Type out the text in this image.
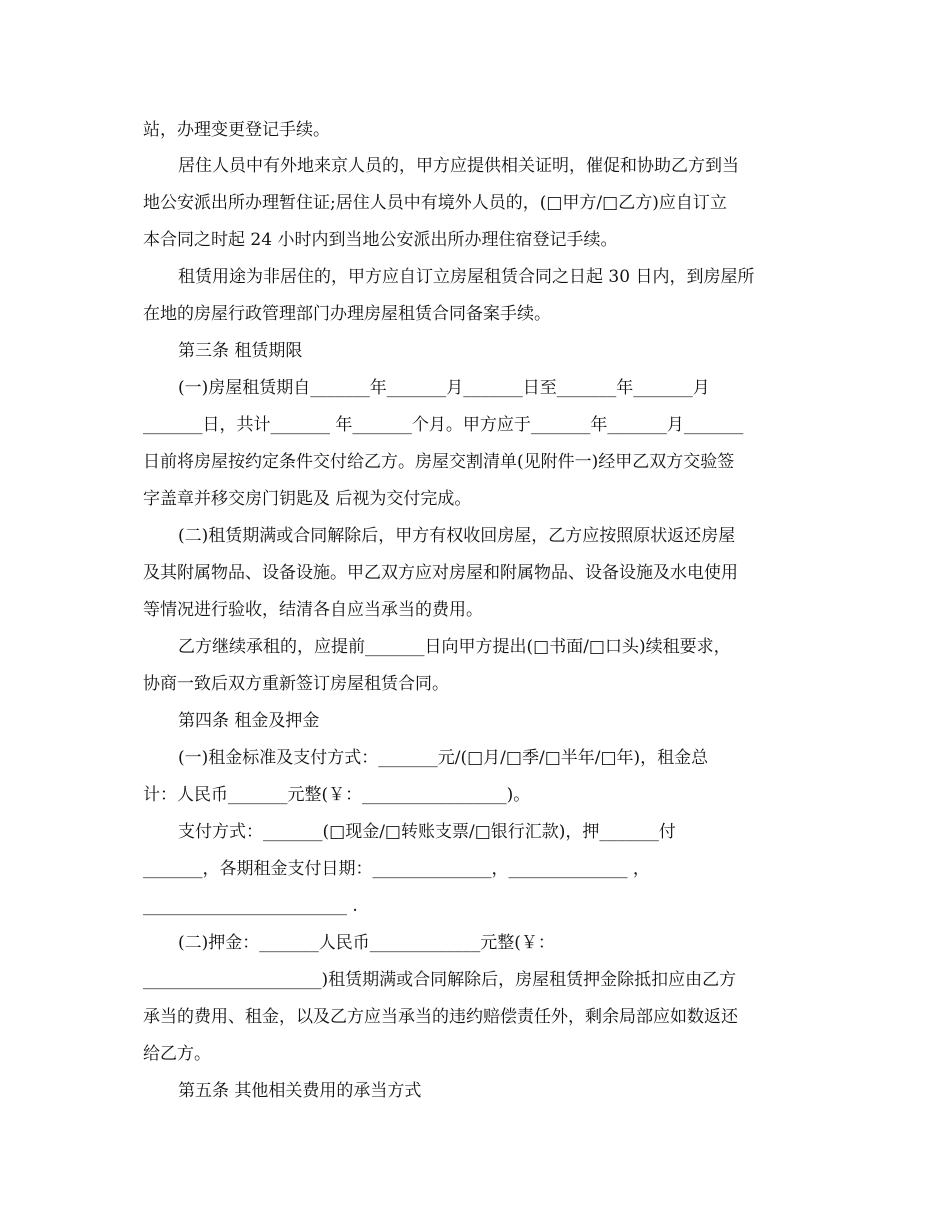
站，办理变更登记手续。
居住人员中有外地来京人员的，甲方应提供相关证明，催促和协助乙方到当
地公安派出所办理暂住证;居住人员中有境外人员的，(□甲方/□乙方)应自订立
本合同之时起 24 小时内到当地公安派出所办理住宿登记手续。
租赁用途为非居住的，甲方应自订立房屋租赁合同之日起 30 日内，到房屋所
在地的房屋行政管理部门办理房屋租赁合同备案手续。
第三条 租赁期限
(一)房屋租赁期自_______年_______月_______日至_______年_______月
_______日，共计_______ 年_______个月。甲方应于_______年_______月_______
日前将房屋按约定条件交付给乙方。房屋交割清单(见附件一)经甲乙双方交验签
字盖章并移交房门钥匙及 后视为交付完成。
(二)租赁期满或合同解除后，甲方有权收回房屋，乙方应按照原状返还房屋
及其附属物品、设备设施。甲乙双方应对房屋和附属物品、设备设施及水电使用
等情况进行验收，结清各自应当承当的费用。
乙方继续承租的，应提前_______日向甲方提出(□书面/□口头)续租要求，
协商一致后双方重新签订房屋租赁合同。
第四条 租金及押金
(一)租金标准及支付方式：_______元/(□月/□季/□半年/□年)，租金总
计：人民币_______元整(￥：_________________)。
支付方式：_______(□现金/□转账支票/□银行汇款)，押_______付
_______，各期租金支付日期：______________，______________ ，
________________________ .
(二)押金：_______人民币_____________元整(￥：
_____________________)租赁期满或合同解除后，房屋租赁押金除抵扣应由乙方
承当的费用、租金，以及乙方应当承当的违约赔偿责任外，剩余局部应如数返还
给乙方。
第五条 其他相关费用的承当方式
